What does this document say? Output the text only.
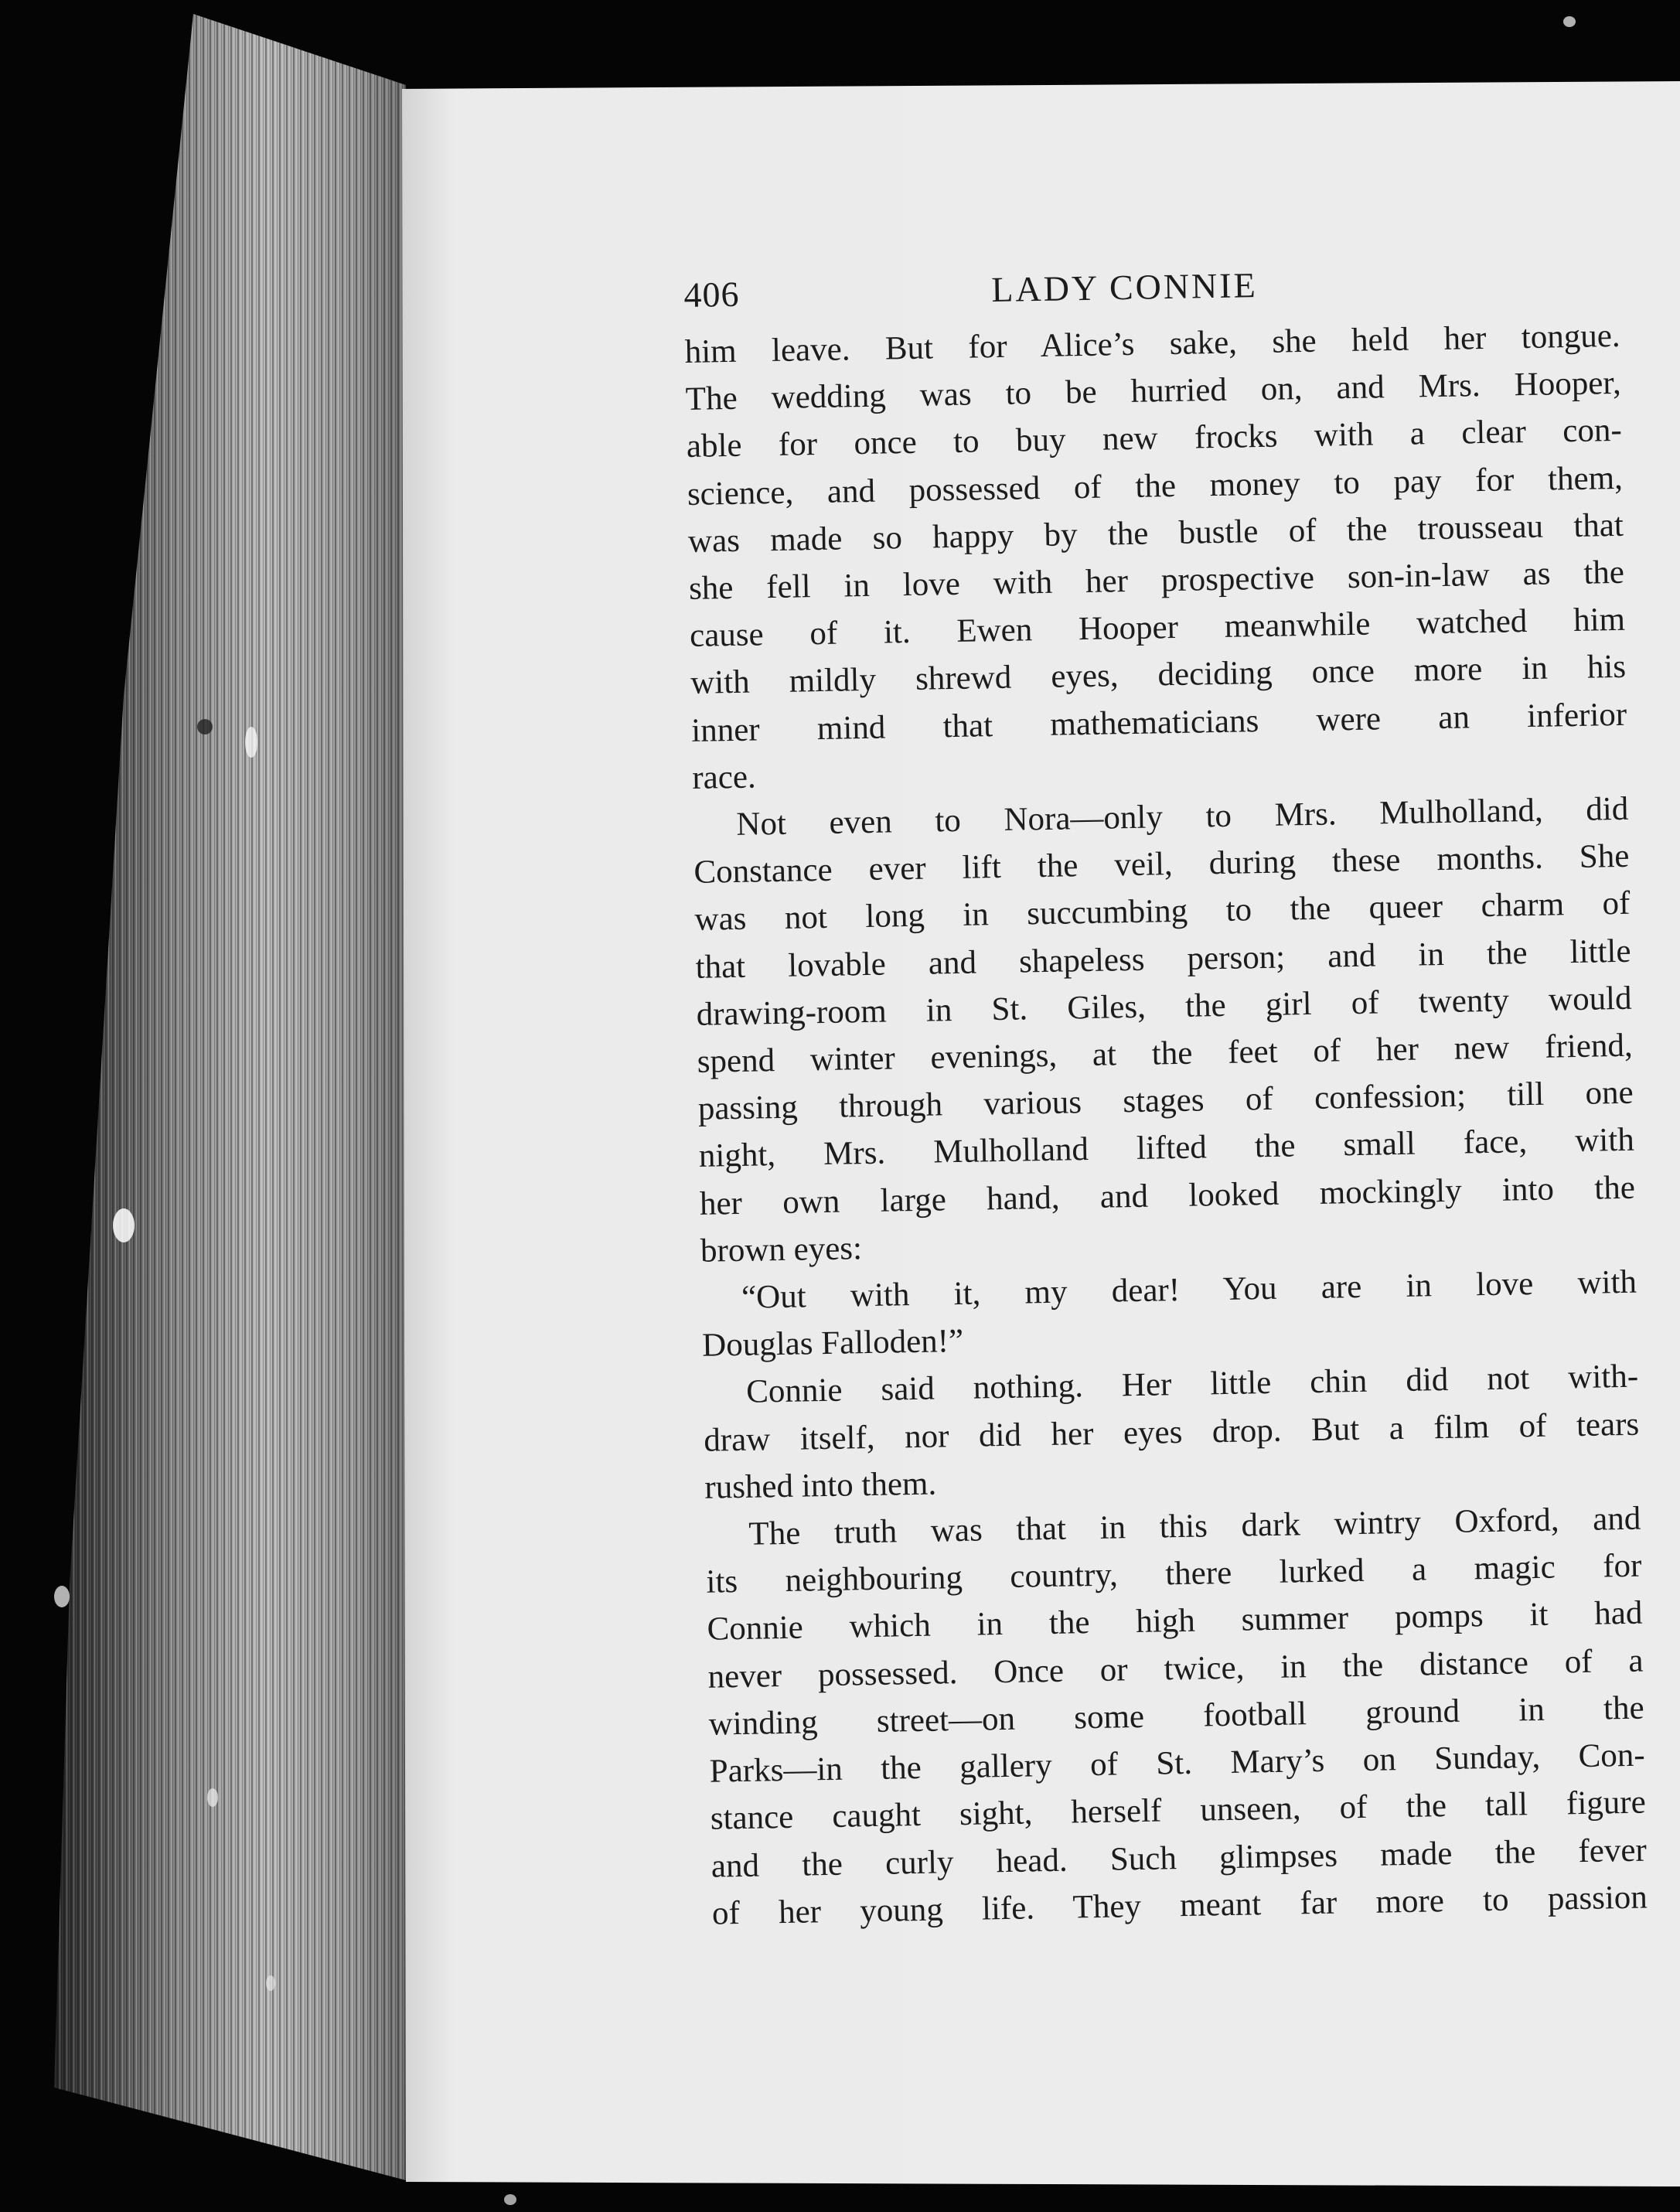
406	LADY CONNIE
him leave. But for Alice’s sake, she held her tongue.
The wedding was to be hurried on, and Mrs. Hooper,
able for once to buy new frocks with a clear con-
science, and possessed of the money to pay for them,
was made so happy by the bustle of the trousseau that
she fell in love with her prospective son-in-law as the
cause of it. Ewen Hooper meanwhile watched him
with mildly shrewd eyes, deciding once more in his
inner mind that mathematicians were an inferior
race.
Not even to Nora—only to Mrs. Mulholland, did
Constance ever lift the veil, during these months. She
was not long in succumbing to the queer charm of
that lovable and shapeless person; and in the little
drawing-room in St. Giles, the girl of twenty would
spend winter evenings, at the feet of her new friend,
passing through various stages of confession; till one
night, Mrs. Mulholland lifted the small face, with
her own large hand, and looked mockingly into the
brown eyes:
“Out with it, my dear! You are in love with
Douglas Falloden!”
Connie said nothing. Her little chin did not with-
draw itself, nor did her eyes drop. But a film of tears
rushed into them.
The truth was that in this dark wintry Oxford, and
its neighbouring country, there lurked a magic for
Connie which in the high summer pomps it had
never possessed. Once or twice, in the distance of a
winding street—on some football ground in the
Parks—in the gallery of St. Mary’s on Sunday, Con-
stance caught sight, herself unseen, of the tall figure
and the curly head. Such glimpses made the fever
of her young life. They meant far more to passion
